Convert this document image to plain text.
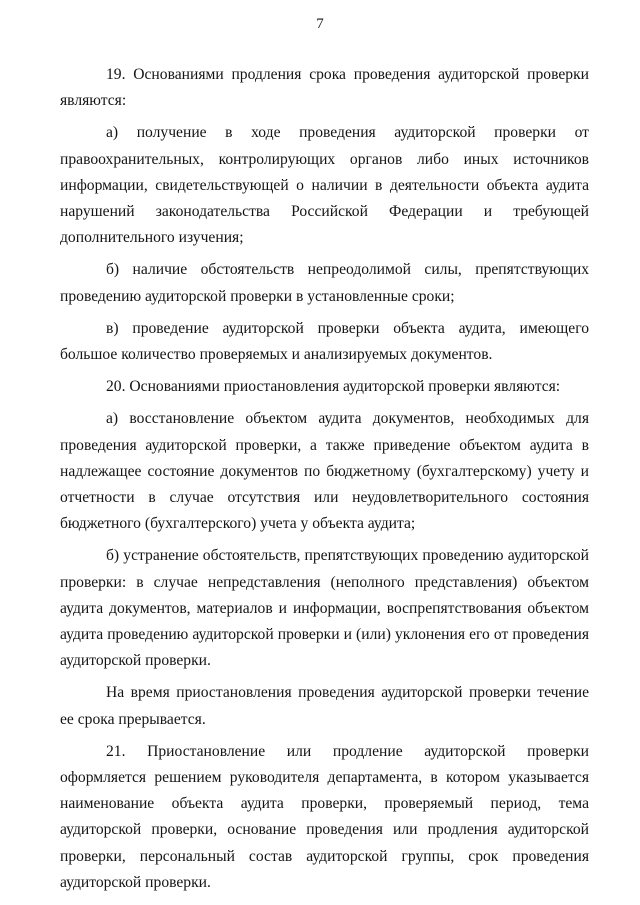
7

19. Основаниями продления срока проведения аудиторской проверки являются:

а) получение в ходе проведения аудиторской проверки от правоохранительных, контролирующих органов либо иных источников информации, свидетельствующей о наличии в деятельности объекта аудита нарушений законодательства Российской Федерации и требующей дополнительного изучения;

б) наличие обстоятельств непреодолимой силы, препятствующих проведению аудиторской проверки в установленные сроки;

в) проведение аудиторской проверки объекта аудита, имеющего большое количество проверяемых и анализируемых документов.

20. Основаниями приостановления аудиторской проверки являются:

а) восстановление объектом аудита документов, необходимых для проведения аудиторской проверки, а также приведение объектом аудита в надлежащее состояние документов по бюджетному (бухгалтерскому) учету и отчетности в случае отсутствия или неудовлетворительного состояния бюджетного (бухгалтерского) учета у объекта аудита;

б) устранение обстоятельств, препятствующих проведению аудиторской проверки: в случае непредставления (неполного представления) объектом аудита документов, материалов и информации, воспрепятствования объектом аудита проведению аудиторской проверки и (или) уклонения его от проведения аудиторской проверки.

На время приостановления проведения аудиторской проверки течение ее срока прерывается.

21. Приостановление или продление аудиторской проверки оформляется решением руководителя департамента, в котором указывается наименование объекта аудита проверки, проверяемый период, тема аудиторской проверки, основание проведения или продления аудиторской проверки, персональный состав аудиторской группы, срок проведения аудиторской проверки.
